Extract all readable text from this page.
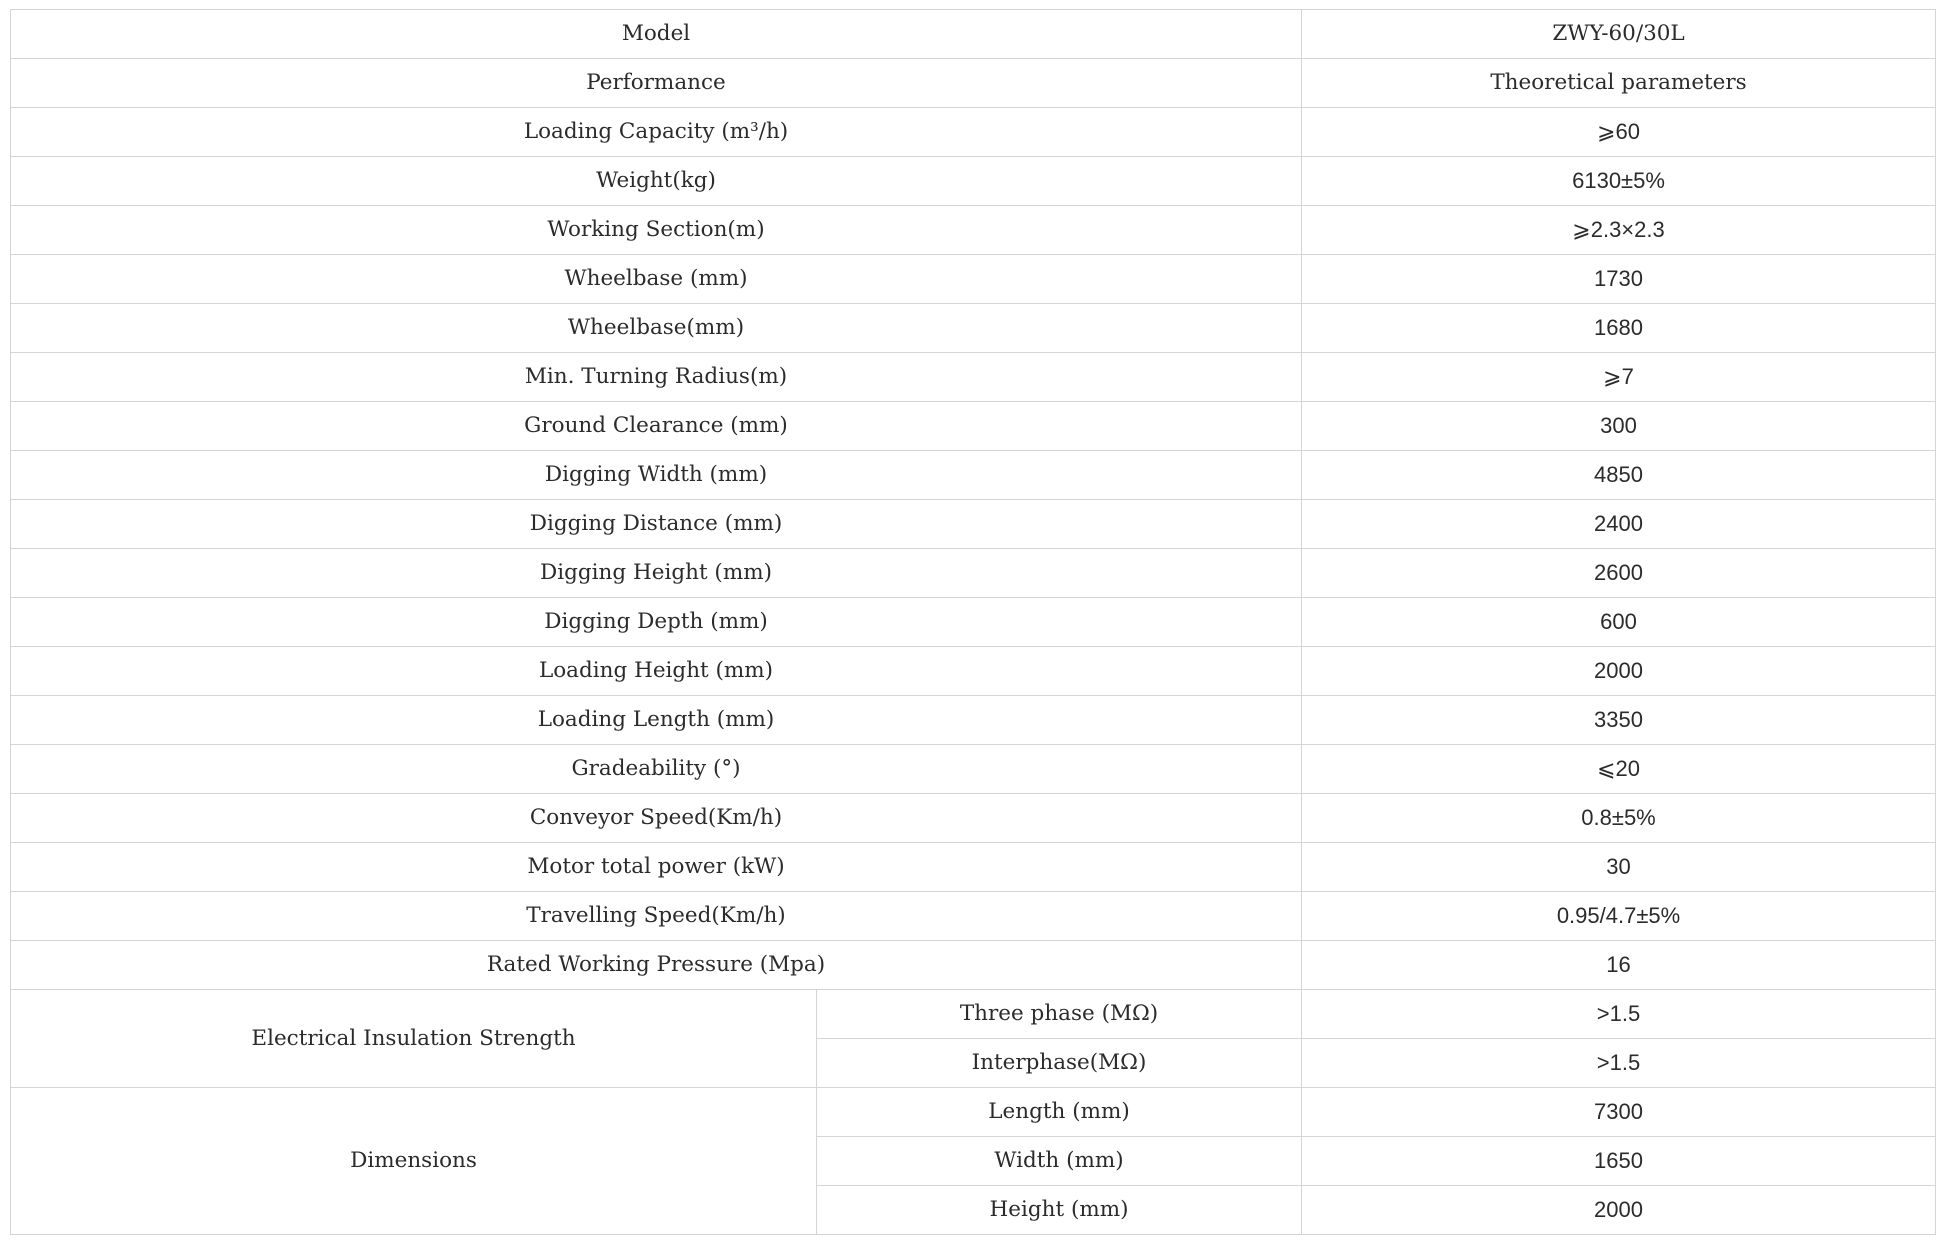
Model		ZWY-60/30L
Performance		Theoretical parameters
Loading Capacity (m³/h)		⩾60
Weight(kg)		6130±5%
Working Section(m)		⩾2.3×2.3
Wheelbase (mm)		1730
Wheelbase(mm)		1680
Min. Turning Radius(m)		⩾7
Ground Clearance (mm)		300
Digging Width (mm)		4850
Digging Distance (mm)		2400
Digging Height (mm)		2600
Digging Depth (mm)		600
Loading Height (mm)		2000
Loading Length (mm)		3350
Gradeability (°)		⩽20
Conveyor Speed(Km/h)		0.8±5%
Motor total power (kW)		30
Travelling Speed(Km/h)		0.95/4.7±5%
Rated Working Pressure (Mpa)		16
Electrical Insulation Strength	Three phase (MΩ)	>1.5
	Interphase(MΩ)	>1.5
Dimensions	Length (mm)	7300
	Width (mm)	1650
	Height (mm)	2000
